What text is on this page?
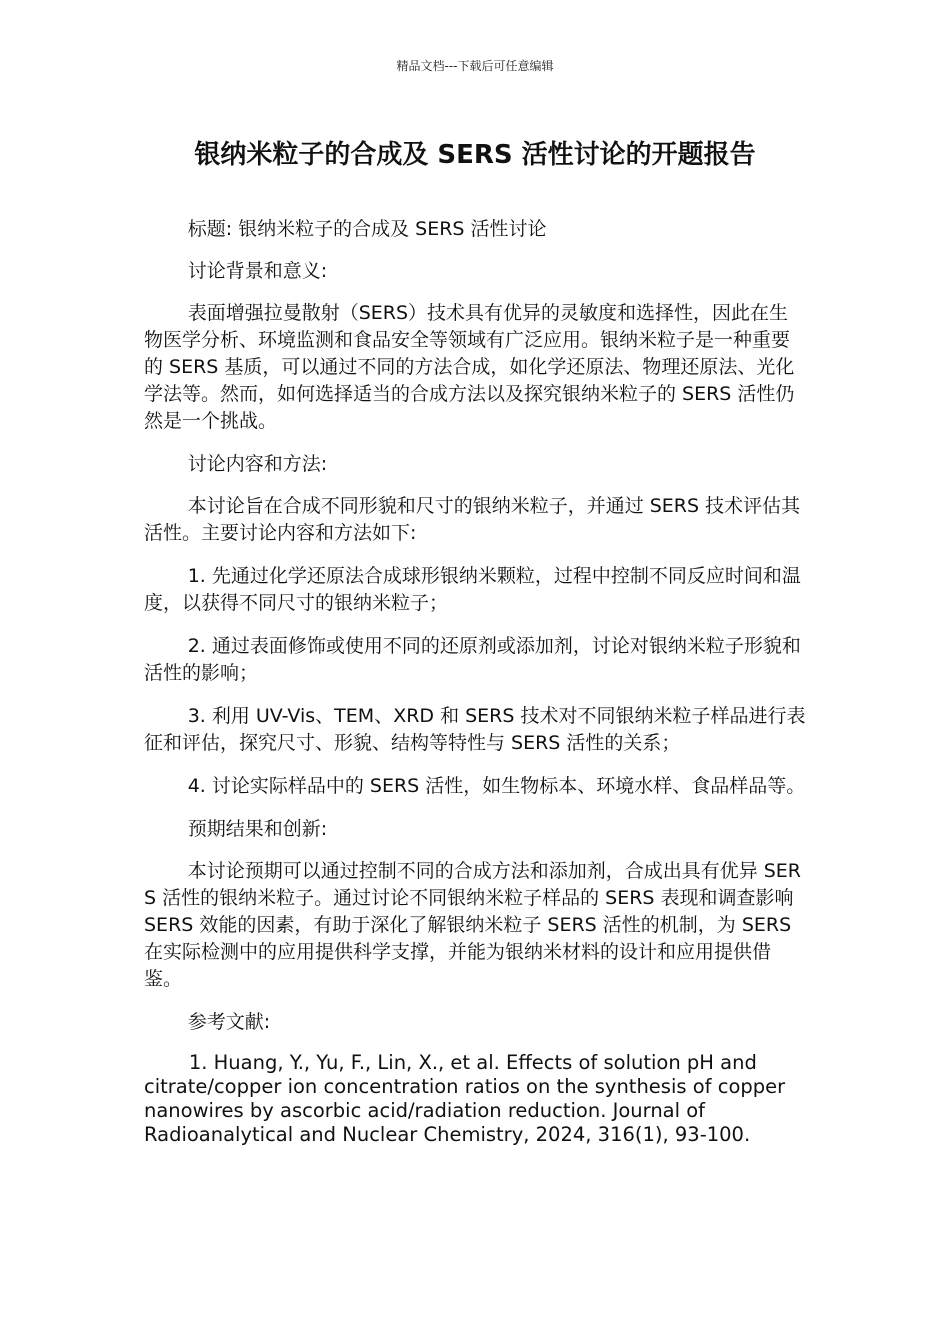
精品文档---下载后可任意编辑
银纳米粒子的合成及 SERS 活性讨论的开题报告

标题: 银纳米粒子的合成及 SERS 活性讨论

讨论背景和意义:

表面增强拉曼散射（SERS）技术具有优异的灵敏度和选择性，因此在生物医学分析、环境监测和食品安全等领域有广泛应用。银纳米粒子是一种重要的 SERS 基质，可以通过不同的方法合成，如化学还原法、物理还原法、光化学法等。然而，如何选择适当的合成方法以及探究银纳米粒子的 SERS 活性仍然是一个挑战。

讨论内容和方法:

本讨论旨在合成不同形貌和尺寸的银纳米粒子，并通过 SERS 技术评估其活性。主要讨论内容和方法如下:

1. 先通过化学还原法合成球形银纳米颗粒，过程中控制不同反应时间和温度，以获得不同尺寸的银纳米粒子；

2. 通过表面修饰或使用不同的还原剂或添加剂，讨论对银纳米粒子形貌和活性的影响；

3. 利用 UV-Vis、TEM、XRD 和 SERS 技术对不同银纳米粒子样品进行表征和评估，探究尺寸、形貌、结构等特性与 SERS 活性的关系；

4. 讨论实际样品中的 SERS 活性，如生物标本、环境水样、食品样品等。

预期结果和创新:

本讨论预期可以通过控制不同的合成方法和添加剂，合成出具有优异 SERS 活性的银纳米粒子。通过讨论不同银纳米粒子样品的 SERS 表现和调查影响 SERS 效能的因素，有助于深化了解银纳米粒子 SERS 活性的机制，为 SERS 在实际检测中的应用提供科学支撑，并能为银纳米材料的设计和应用提供借鉴。

参考文献:

1. Huang, Y., Yu, F., Lin, X., et al. Effects of solution pH and citrate/copper ion concentration ratios on the synthesis of copper nanowires by ascorbic acid/radiation reduction. Journal of Radioanalytical and Nuclear Chemistry, 2024, 316(1), 93-100.
